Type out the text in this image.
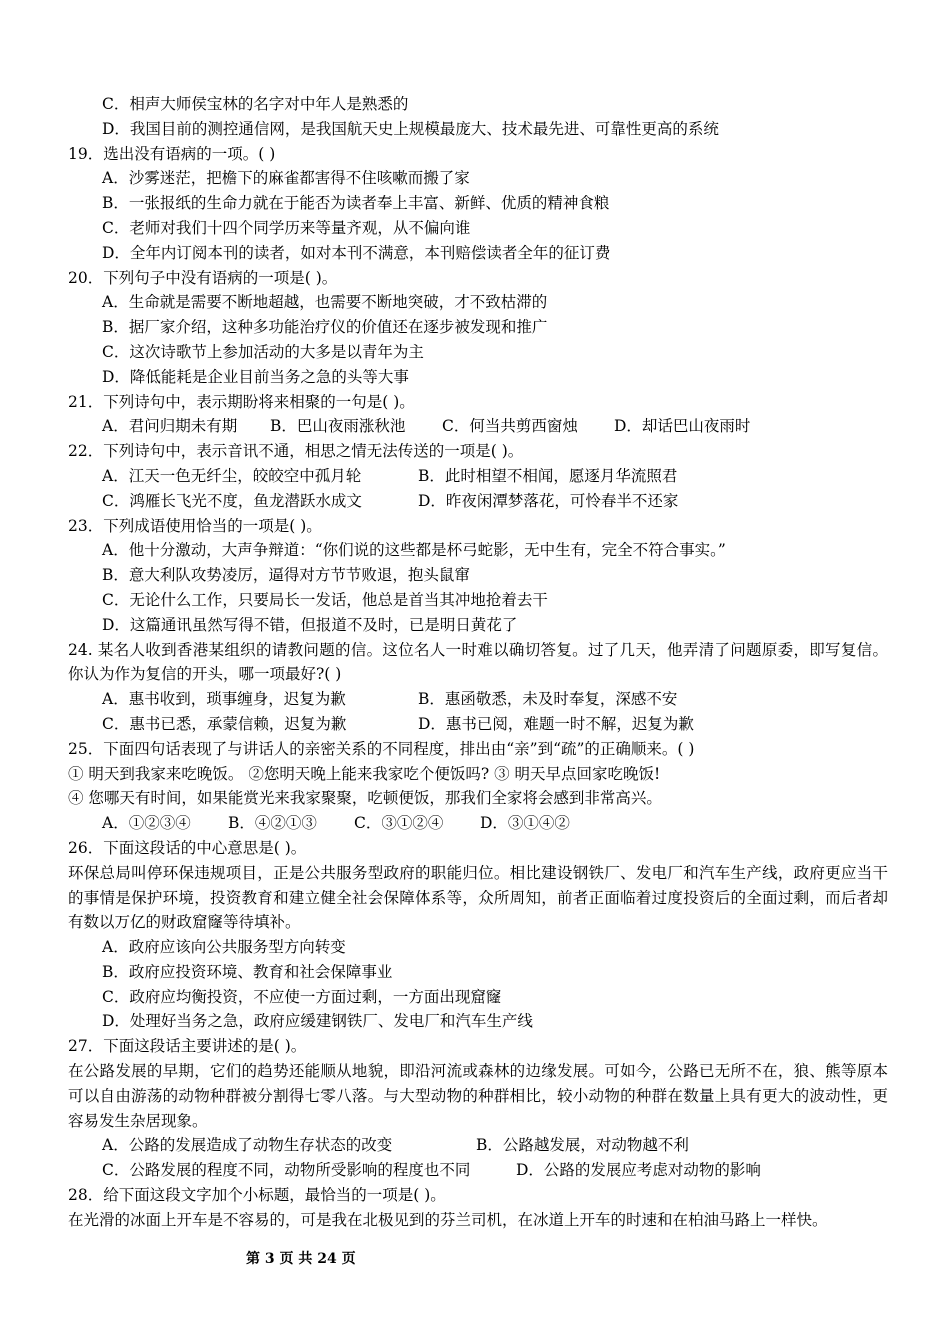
C．相声大师侯宝林的名字对中年人是熟悉的
D．我国目前的测控通信网，是我国航天史上规模最庞大、技术最先进、可靠性更高的系统
19．选出没有语病的一项。( )
A．沙雾迷茫，把檐下的麻雀都害得不住咳嗽而搬了家
B．一张报纸的生命力就在于能否为读者奉上丰富、新鲜、优质的精神食粮
C．老师对我们十四个同学历来等量齐观，从不偏向谁
D．全年内订阅本刊的读者，如对本刊不满意，本刊赔偿读者全年的征订费
20．下列句子中没有语病的一项是( )。
A．生命就是需要不断地超越，也需要不断地突破，才不致枯滞的
B．据厂家介绍，这种多功能治疗仪的价值还在逐步被发现和推广
C．这次诗歌节上参加活动的大多是以青年为主
D．降低能耗是企业目前当务之急的头等大事
21．下列诗句中，表示期盼将来相聚的一句是( )。
A．君问归期未有期	B．巴山夜雨涨秋池	C．何当共剪西窗烛	D．却话巴山夜雨时
22．下列诗句中，表示音讯不通，相思之情无法传送的一项是( )。
A．江天一色无纤尘，皎皎空中孤月轮	B．此时相望不相闻，愿逐月华流照君
C．鸿雁长飞光不度，鱼龙潜跃水成文	D．昨夜闲潭梦落花，可怜春半不还家
23．下列成语使用恰当的一项是( )。
A．他十分激动，大声争辩道：“你们说的这些都是杯弓蛇影，无中生有，完全不符合事实。”
B．意大利队攻势凌厉，逼得对方节节败退，抱头鼠窜
C．无论什么工作，只要局长一发话，他总是首当其冲地抢着去干
D．这篇通讯虽然写得不错，但报道不及时，已是明日黄花了
24. 某名人收到香港某组织的请教问题的信。这位名人一时难以确切答复。过了几天，他弄清了问题原委，即写复信。你认为作为复信的开头，哪一项最好?( )
A．惠书收到，琐事缠身，迟复为歉	B．惠函敬悉，未及时奉复，深感不安
C．惠书已悉，承蒙信赖，迟复为歉	D．惠书已阅，难题一时不解，迟复为歉
25．下面四句话表现了与讲话人的亲密关系的不同程度，排出由“亲”到“疏”的正确顺来。( )
① 明天到我家来吃晚饭。 ②您明天晚上能来我家吃个便饭吗? ③ 明天早点回家吃晚饭!
④ 您哪天有时间，如果能赏光来我家聚聚，吃顿便饭，那我们全家将会感到非常高兴。
A．①②③④	B．④②①③	C．③①②④	D．③①④②
26．下面这段话的中心意思是( )。
环保总局叫停环保违规项目，正是公共服务型政府的职能归位。相比建设钢铁厂、发电厂和汽车生产线，政府更应当干的事情是保护环境，投资教育和建立健全社会保障体系等，众所周知，前者正面临着过度投资后的全面过剩，而后者却有数以万亿的财政窟窿等待填补。
A．政府应该向公共服务型方向转变
B．政府应投资环境、教育和社会保障事业
C．政府应均衡投资，不应使一方面过剩，一方面出现窟窿
D．处理好当务之急，政府应缓建钢铁厂、发电厂和汽车生产线
27．下面这段话主要讲述的是( )。
在公路发展的早期，它们的趋势还能顺从地貌，即沿河流或森林的边缘发展。可如今，公路已无所不在，狼、熊等原本可以自由游荡的动物种群被分割得七零八落。与大型动物的种群相比，较小动物的种群在数量上具有更大的波动性，更容易发生杂居现象。
A．公路的发展造成了动物生存状态的改变	B．公路越发展，对动物越不利
C．公路发展的程度不同，动物所受影响的程度也不同	D．公路的发展应考虑对动物的影响
28．给下面这段文字加个小标题，最恰当的一项是( )。
在光滑的冰面上开车是不容易的，可是我在北极见到的芬兰司机，在冰道上开车的时速和在柏油马路上一样快。
第 3 页 共 24 页
